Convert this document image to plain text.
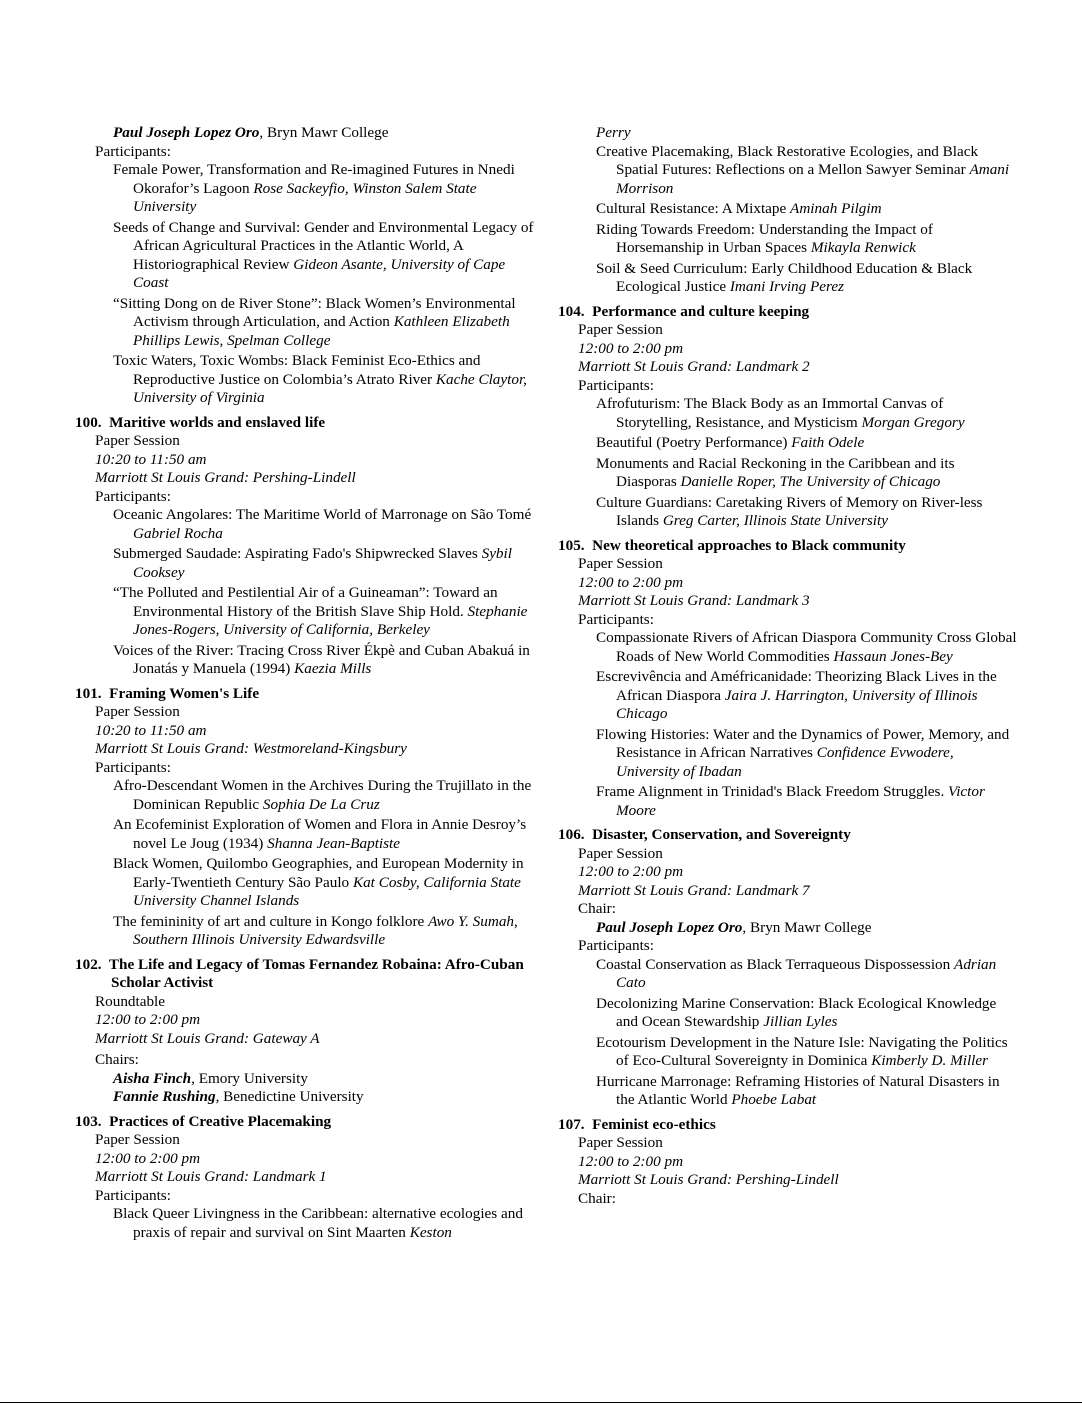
Paul Joseph Lopez Oro, Bryn Mawr College
Participants:
Female Power, Transformation and Re-imagined Futures in Nnedi Okorafor’s Lagoon Rose Sackeyfio, Winston Salem State University
Seeds of Change and Survival: Gender and Environmental Legacy of African Agricultural Practices in the Atlantic World, A Historiographical Review Gideon Asante, University of Cape Coast
“Sitting Dong on de River Stone”: Black Women’s Environmental Activism through Articulation, and Action Kathleen Elizabeth Phillips Lewis, Spelman College
Toxic Waters, Toxic Wombs: Black Feminist Eco-Ethics and Reproductive Justice on Colombia’s Atrato River Kache Claytor, University of Virginia
100. Maritive worlds and enslaved life
Paper Session
10:20 to 11:50 am
Marriott St Louis Grand: Pershing-Lindell
Participants:
Oceanic Angolares: The Maritime World of Marronage on São Tomé Gabriel Rocha
Submerged Saudade: Aspirating Fado's Shipwrecked Slaves Sybil Cooksey
“The Polluted and Pestilential Air of a Guineaman”: Toward an Environmental History of the British Slave Ship Hold. Stephanie Jones-Rogers, University of California, Berkeley
Voices of the River: Tracing Cross River Ékpè and Cuban Abakuá in Jonatás y Manuela (1994) Kaezia Mills
101. Framing Women's Life
Paper Session
10:20 to 11:50 am
Marriott St Louis Grand: Westmoreland-Kingsbury
Participants:
Afro-Descendant Women in the Archives During the Trujillato in the Dominican Republic Sophia De La Cruz
An Ecofeminist Exploration of Women and Flora in Annie Desroy’s novel Le Joug (1934) Shanna Jean-Baptiste
Black Women, Quilombo Geographies, and European Modernity in Early-Twentieth Century São Paulo Kat Cosby, California State University Channel Islands
The femininity of art and culture in Kongo folklore Awo Y. Sumah, Southern Illinois University Edwardsville
102. The Life and Legacy of Tomas Fernandez Robaina: Afro-Cuban Scholar Activist
Roundtable
12:00 to 2:00 pm
Marriott St Louis Grand: Gateway A
Chairs:
Aisha Finch, Emory University
Fannie Rushing, Benedictine University
103. Practices of Creative Placemaking
Paper Session
12:00 to 2:00 pm
Marriott St Louis Grand: Landmark 1
Participants:
Black Queer Livingness in the Caribbean: alternative ecologies and praxis of repair and survival on Sint Maarten Keston
Perry
Creative Placemaking, Black Restorative Ecologies, and Black Spatial Futures: Reflections on a Mellon Sawyer Seminar Amani Morrison
Cultural Resistance: A Mixtape Aminah Pilgim
Riding Towards Freedom: Understanding the Impact of Horsemanship in Urban Spaces Mikayla Renwick
Soil & Seed Curriculum: Early Childhood Education & Black Ecological Justice Imani Irving Perez
104. Performance and culture keeping
Paper Session
12:00 to 2:00 pm
Marriott St Louis Grand: Landmark 2
Participants:
Afrofuturism: The Black Body as an Immortal Canvas of Storytelling, Resistance, and Mysticism Morgan Gregory
Beautiful (Poetry Performance) Faith Odele
Monuments and Racial Reckoning in the Caribbean and its Diasporas Danielle Roper, The University of Chicago
Culture Guardians: Caretaking Rivers of Memory on River-less Islands Greg Carter, Illinois State University
105. New theoretical approaches to Black community
Paper Session
12:00 to 2:00 pm
Marriott St Louis Grand: Landmark 3
Participants:
Compassionate Rivers of African Diaspora Community Cross Global Roads of New World Commodities Hassaun Jones-Bey
Escrevivência and Améfricanidade: Theorizing Black Lives in the African Diaspora Jaira J. Harrington, University of Illinois Chicago
Flowing Histories: Water and the Dynamics of Power, Memory, and Resistance in African Narratives Confidence Evwodere, University of Ibadan
Frame Alignment in Trinidad's Black Freedom Struggles. Victor Moore
106. Disaster, Conservation, and Sovereignty
Paper Session
12:00 to 2:00 pm
Marriott St Louis Grand: Landmark 7
Chair:
Paul Joseph Lopez Oro, Bryn Mawr College
Participants:
Coastal Conservation as Black Terraqueous Dispossession Adrian Cato
Decolonizing Marine Conservation: Black Ecological Knowledge and Ocean Stewardship Jillian Lyles
Ecotourism Development in the Nature Isle: Navigating the Politics of Eco-Cultural Sovereignty in Dominica Kimberly D. Miller
Hurricane Marronage: Reframing Histories of Natural Disasters in the Atlantic World Phoebe Labat
107. Feminist eco-ethics
Paper Session
12:00 to 2:00 pm
Marriott St Louis Grand: Pershing-Lindell
Chair:
